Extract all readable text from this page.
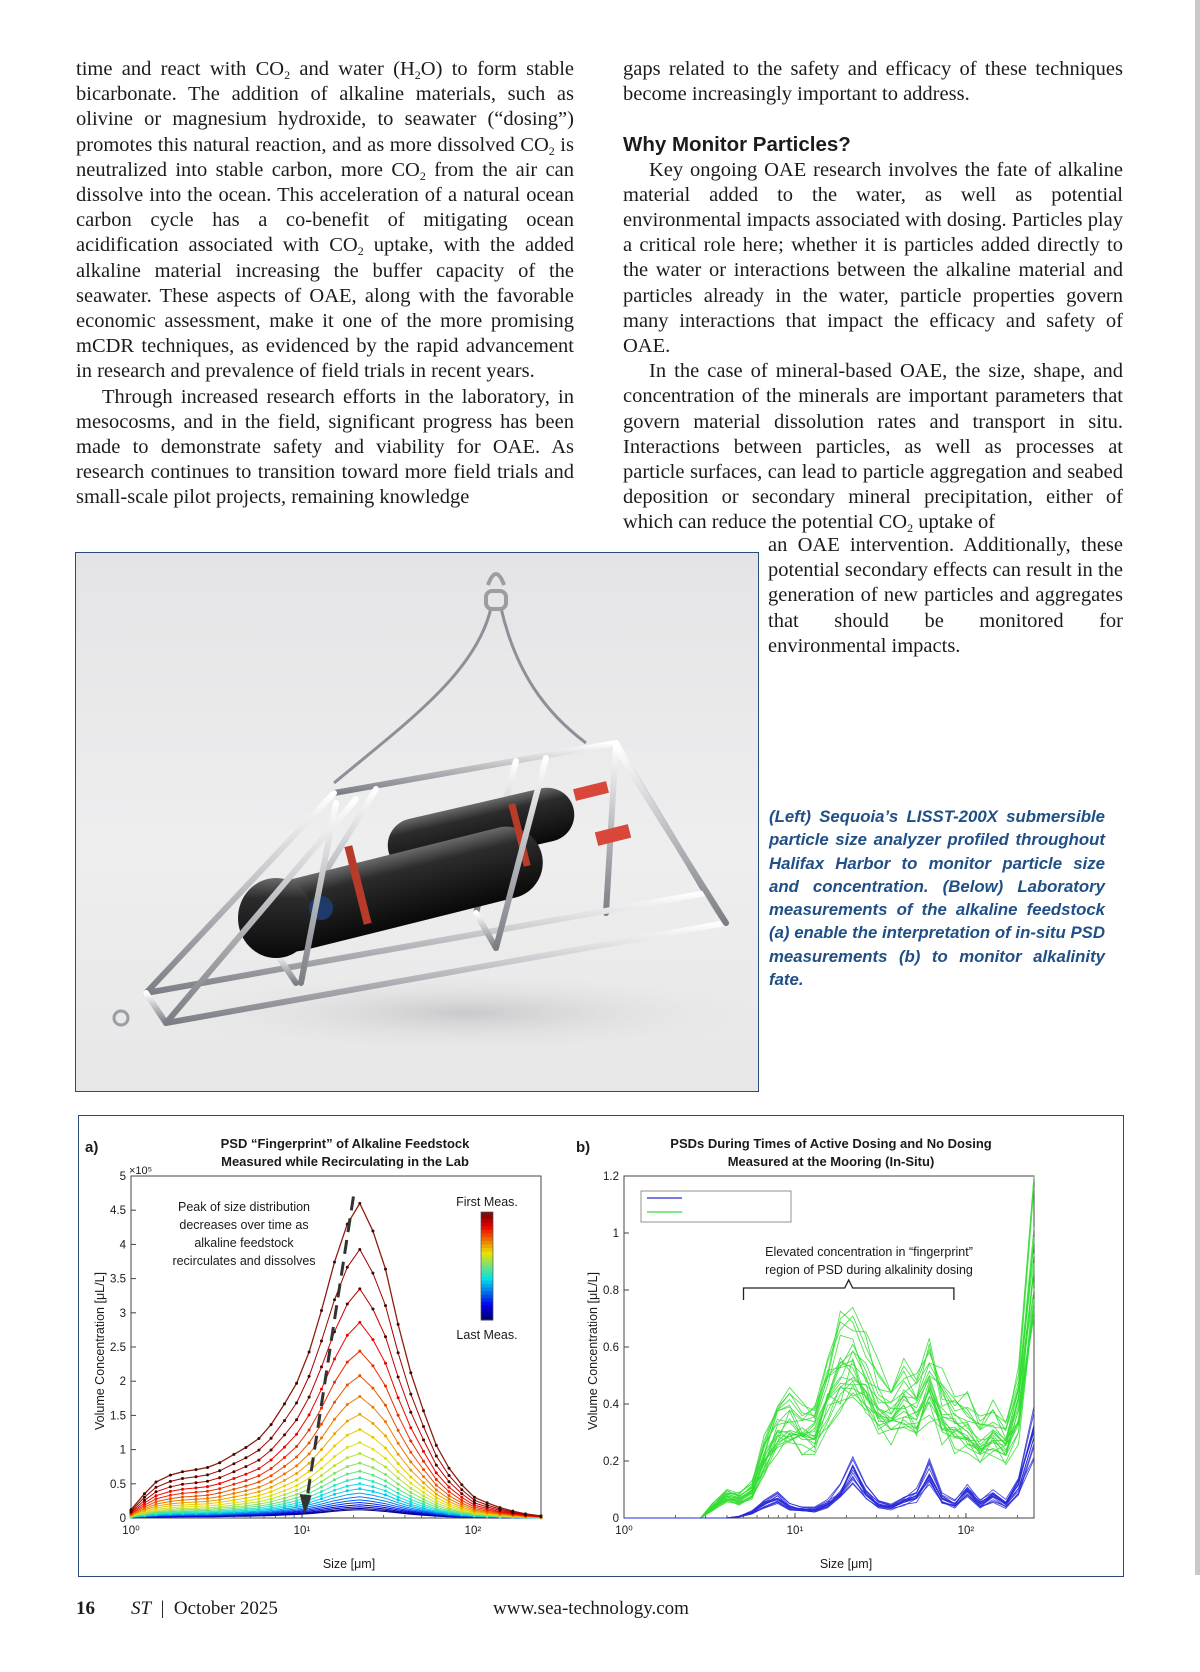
time and react with $CO_2$ and water $(H_2O)$ to form stable bicarbonate. The addition of alkaline materials, such as olivine or magnesium hydroxide, to seawater (“dosing”) promotes this natural reaction, and as more dissolved $CO_2$ is neutralized into stable carbon, more $CO_2$ from the air can dissolve into the ocean. This acceleration of a natural ocean carbon cycle has a co-benefit of mitigating ocean acidification associated with $CO_2$ uptake, with the added alkaline material increasing the buffer capacity of the seawater. These aspects of OAE, along with the favorable economic assessment, make it one of the more promising mCDR techniques, as evidenced by the rapid advancement in research and prevalence of field trials in recent years.

Through increased research efforts in the laboratory, in mesocosms, and in the field, significant progress has been made to demonstrate safety and viability for OAE. As research continues to transition toward more field trials and small-scale pilot projects, remaining knowledge

gaps related to the safety and efficacy of these techniques become increasingly important to address.

Why Monitor Particles?

Key ongoing OAE research involves the fate of alkaline material added to the water, as well as potential environmental impacts associated with dosing. Particles play a critical role here; whether it is particles added directly to the water or interactions between the alkaline material and particles already in the water, particle properties govern many interactions that impact the efficacy and safety of OAE.

In the case of mineral-based OAE, the size, shape, and concentration of the minerals are important parameters that govern material dissolution rates and transport in situ. Interactions between particles, as well as processes at particle surfaces, can lead to particle aggregation and seabed deposition or secondary mineral precipitation, either of which can reduce the potential $CO_2$ uptake of

an OAE intervention. Additionally, these potential secondary effects can result in the generation of new particles and aggregates that should be monitored for environmental impacts.

(Left) Sequoia’s LISST-200X submersible particle size analyzer profiled throughout Halifax Harbor to monitor particle size and concentration. (Below) Laboratory measurements of the alkaline feedstock (a) enable the interpretation of in-situ PSD measurements (b) to monitor alkalinity fate.
a)	PSD “Fingerprint” of Alkaline Feedstock
Measured while Recirculating in the Lab
×10⁵
Size [μm]
Volume Concentration [μL/L]
Peak of size distribution
decreases over time as
alkaline feedstock
recirculates and dissolves
First Meas.
Last Meas.
10⁰	10¹	10²
0
0.5
1
1.5
2
2.5
3
3.5
4
4.5
5
b)	PSDs During Times of Active Dosing and No Dosing
Measured at the Mooring (In-Situ)
Size [μm]
Volume Concentration [μL/L]
Elevated concentration in “fingerprint”
region of PSD during alkalinity dosing
10⁰	10¹	10²
0
0.2
0.4
0.6
0.8
1
1.2
16 ST | October 2025	www.sea-technology.com
